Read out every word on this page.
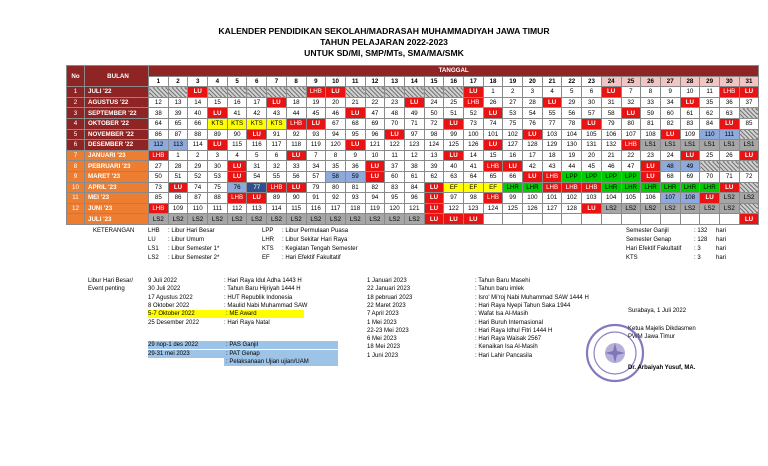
KALENDER PENDIDIKAN SEKOLAH/MADRASAH MUHAMMADIYAH JAWA TIMUR
TAHUN PELAJARAN 2022-2023
UNTUK SD/MI, SMP/MTs, SMA/MA/SMK
No	BULAN	TANGGAL																														
		1	2	3	4	5	6	7	8	9	10	11	12	13	14	15	16	17	18	19	20	21	22	23	24	25	26	27	28	29	30	31
1	JULI '22			LU						LHB	LU							LU	1	2	3	4	5	6	LU	7	8	9	10	11	LHB	LU
2	AGUSTUS '22	12	13	14	15	16	17	LU	18	19	20	21	22	23	LU	24	25	LHB	26	27	28	LU	29	30	31	32	33	34	LU	35	36	37
3	SEPTEMBER '22	38	39	40	LU	41	42	43	44	45	46	LU	47	48	49	50	51	52	LU	53	54	55	56	57	58	LU	59	60	61	62	63	
4	OKTOBER '22	64	65	66	KTS	KTS	KTS	KTS	LHB	LU	67	68	69	70	71	72	LU	73	74	75	76	77	78	LU	79	80	81	82	83	84	LU	85
5	NOVEMBER '22	86	87	88	89	90	LU	91	92	93	94	95	96	LU	97	98	99	100	101	102	LU	103	104	105	106	107	108	LU	109	110	111	
6	DESEMBER '22	112	113	114	LU	115	116	117	118	119	120	LU	121	122	123	124	125	126	LU	127	128	129	130	131	132	LHB	LS1	LS1	LS1	LS1	LS1	LS1
7	JANUARI '23	LHB	1	2	3	4	5	6	LU	7	8	9	10	11	12	13	LU	14	15	16	17	18	19	20	21	22	23	24	LU	25	26	LU
8	PEBRUARI '23	27	28	29	30	LU	31	32	33	34	35	36	LU	37	38	39	40	41	LHB	LU	42	43	44	45	46	47	LU	48	49			
9	MARET '23	50	51	52	53	LU	54	55	56	57	58	59	LU	60	61	62	63	64	65	66	LU	LHB	LPP	LPP	LPP	LPP	LU	68	69	70	71	72
10	APRIL '23	73	LU	74	75	76	77	LHB	LU	79	80	81	82	83	84	LU	EF	EF	EF	LHR	LHR	LHB	LHB	LHB	LHR	LHR	LHR	LHR	LHR	LHR	LU	
11	MEI '23	85	86	87	88	LHB	LU	89	90	91	92	93	94	95	96	LU	97	98	LHB	99	100	101	102	103	104	105	106	107	108	LU	LS2	LS2
12	JUNI '23	LHB	109	110	111	112	113	114	115	116	117	118	119	120	121	LU	122	123	124	125	126	127	128	LU	LS2	LS2	LS2	LS2	LS2	LS2	LS2	
	JULI '23	LS2	LS2	LS2	LS2	LS2	LS2	LS2	LS2	LS2	LS2	LS2	LS2	LS2	LS2	LU	LU	LU														LU
KETERANGAN LHB : Libur Hari Besar
LU : Libur Umum
LS1 : Libur Semester 1*
LS2 : Libur Semester 2*
LPP : Libur Permulaan Puasa
LHR : Libur Sekitar Hari Raya
KTS : Kegiatan Tengah Semester
EF : Hari Efektif Fakultatif
Semester Ganjil	: 132 hari
Semester Genap	: 128 hari
Hari Efektif Fakultatif : 3	hari
KTS	: 3	hari
Libur Hari Besar/
Event penting
9 Juli 2022	: Hari Raya Idul Adha 1443 H
30 Juli 2022	: Tahun Baru Hijriyah 1444 H
17 Agustus 2022	: HUT Republik Indonesia
8 Oktober 2022	: Maulid Nabi Muhammad SAW
5-7 Oktober 2022	: ME Award
25 Desember 2022	: Hari Raya Natal
1 Januari 2023	: Tahun Baru Masehi
22 Januari 2023	: Tahun baru imlek
18 pebruari 2023	: Isro' Mi'roj Nabi Muhammad SAW 1444 H
22 Maret 2023	: Hari Raya Nyepi Tahun Saka 1944
7 April 2023	: Wafat Isa Al-Masih
1 Mei 2023	: Hari Buruh Internasional
22-23 Mei 2023	: Hari Raya Idhul Fitri 1444 H
6 Mei 2023	: Hari Raya Waisak 2567
18 Mei 2023	: Kenaikan Isa Al-Masih
1 Juni 2023	: Hari Lahir Pancasila
29 nop-1 des 2022	: PAS Ganjil
29-31 mei 2023	: PAT Genap
: Pelaksanaan Ujian ujian/UAM
Surabaya, 1 Juli 2022
Ketua Majelis Dikdasmen
PWM Jawa Timur
Dr. Arbaiyah Yusuf, MA.
